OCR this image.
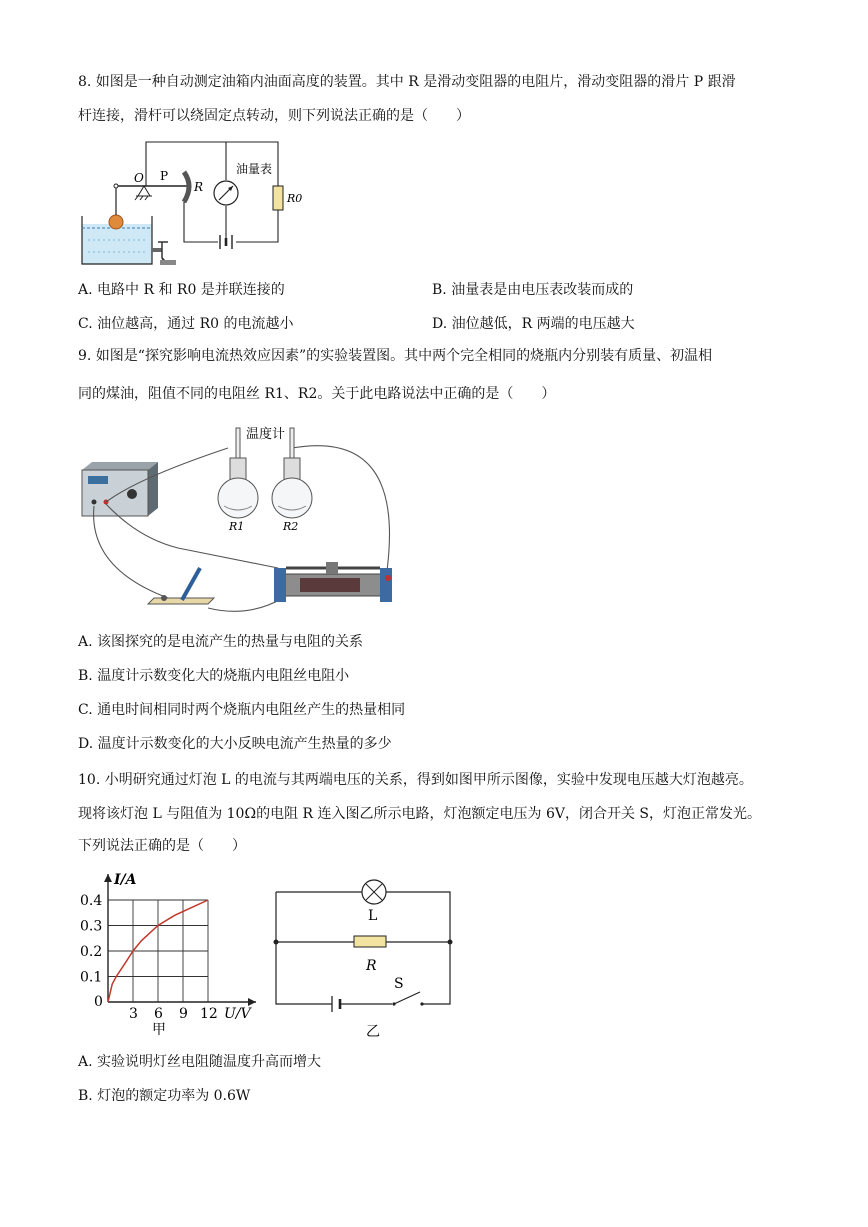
8. 如图是一种自动测定油箱内油面高度的装置。其中 R 是滑动变阻器的电阻片，滑动变阻器的滑片 P 跟滑
杆连接，滑杆可以绕固定点转动，则下列说法正确的是（　　）
O P
R
油量表
R0
A. 电路中 R 和 R0 是并联连接的	B. 油量表是由电压表改装而成的
C. 油位越高，通过 R0 的电流越小	D. 油位越低，R 两端的电压越大
9. 如图是“探究影响电流热效应因素”的实验装置图。其中两个完全相同的烧瓶内分别装有质量、初温相
同的煤油，阻值不同的电阻丝 R1、R2。关于此电路说法中正确的是（　　）
温度计
R1	R2
A. 该图探究的是电流产生的热量与电阻的关系
B. 温度计示数变化大的烧瓶内电阻丝电阻小
C. 通电时间相同时两个烧瓶内电阻丝产生的热量相同
D. 温度计示数变化的大小反映电流产生热量的多少
10. 小明研究通过灯泡 L 的电流与其两端电压的关系，得到如图甲所示图像，实验中发现电压越大灯泡越亮。
现将该灯泡 L 与阻值为 10Ω的电阻 R 连入图乙所示电路，灯泡额定电压为 6V，闭合开关 S，灯泡正常发光。
下列说法正确的是（　　）
I/A
U/V
0
3 6 9 12
0.1
0.2
0.3
0.4
甲
L
R
S
乙
A. 实验说明灯丝电阻随温度升高而增大
B. 灯泡的额定功率为 0.6W
